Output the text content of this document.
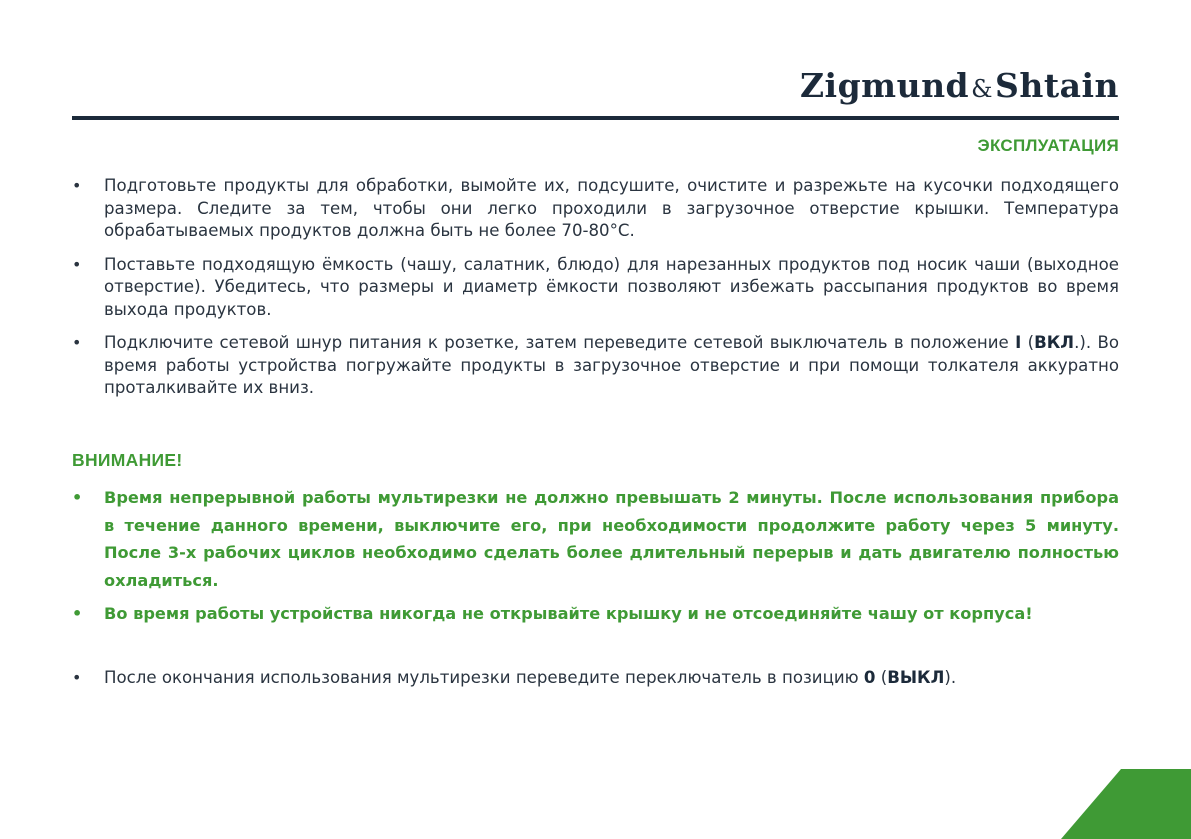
Zigmund&Shtain
ЭКСПЛУАТАЦИЯ
• Подготовьте продукты для обработки, вымойте их, подсушите, очистите и разрежьте на кусочки подходящего размера. Следите за тем, чтобы они легко проходили в загрузочное отверстие крышки. Температура обрабатываемых продуктов должна быть не более 70-80°С.
• Поставьте подходящую ёмкость (чашу, салатник, блюдо) для нарезанных продуктов под носик чаши (выходное отверстие). Убедитесь, что размеры и диаметр ёмкости позволяют избежать рассыпания продуктов во время выхода продуктов.
• Подключите сетевой шнур питания к розетке, затем переведите сетевой выключатель в положение I (ВКЛ.). Во время работы устройства погружайте продукты в загрузочное отверстие и при помощи толкателя аккуратно проталкивайте их вниз.
ВНИМАНИЕ!
• Время непрерывной работы мультирезки не должно превышать 2 минуты. После использования прибора в течение данного времени, выключите его, при необходимости продолжите работу через 5 минуту. После 3-х рабочих циклов необходимо сделать более длительный перерыв и дать двигателю полностью охладиться.
• Во время работы устройства никогда не открывайте крышку и не отсоединяйте чашу от корпуса!
• После окончания использования мультирезки переведите переключатель в позицию 0 (ВЫКЛ).
